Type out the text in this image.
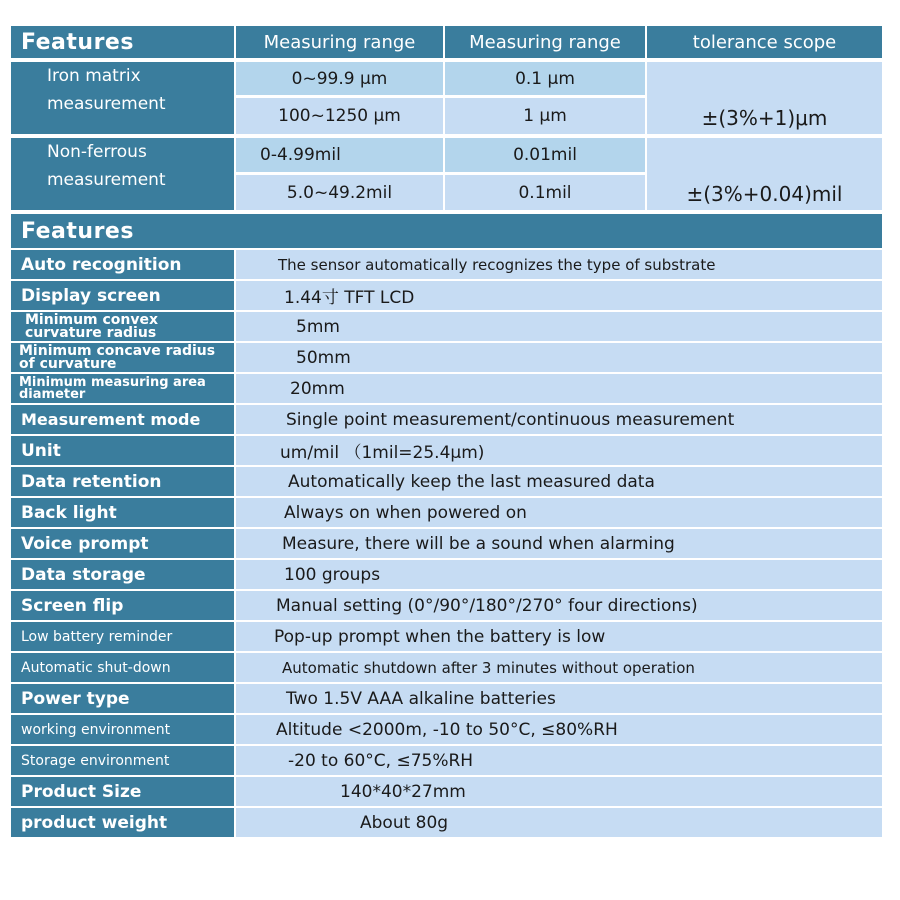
Features	Measuring range	Measuring range	tolerance scope
Iron matrix measurement
0~99.9 μm	0.1 μm
100~1250 μm	1 μm	±(3%+1)μm
Non-ferrous measurement
0-4.99mil	0.01mil
5.0~49.2mil	0.1mil	±(3%+0.04)mil
Features
Auto recognition	The sensor automatically recognizes the type of substrate
Display screen	1.44寸 TFT LCD
Minimum convex curvature radius	5mm
Minimum concave radius of curvature	50mm
Minimum measuring area diameter	20mm
Measurement mode	Single point measurement/continuous measurement
Unit	um/mil （1mil=25.4μm)
Data retention	Automatically keep the last measured data
Back light	Always on when powered on
Voice prompt	Measure, there will be a sound when alarming
Data storage	100 groups
Screen flip	Manual setting (0°/90°/180°/270° four directions)
Low battery reminder	Pop-up prompt when the battery is low
Automatic shut-down	Automatic shutdown after 3 minutes without operation
Power type	Two 1.5V AAA alkaline batteries
working environment	Altitude <2000m, -10 to 50°C, ≤80%RH
Storage environment	-20 to 60°C, ≤75%RH
Product Size	140*40*27mm
product weight	About 80g
